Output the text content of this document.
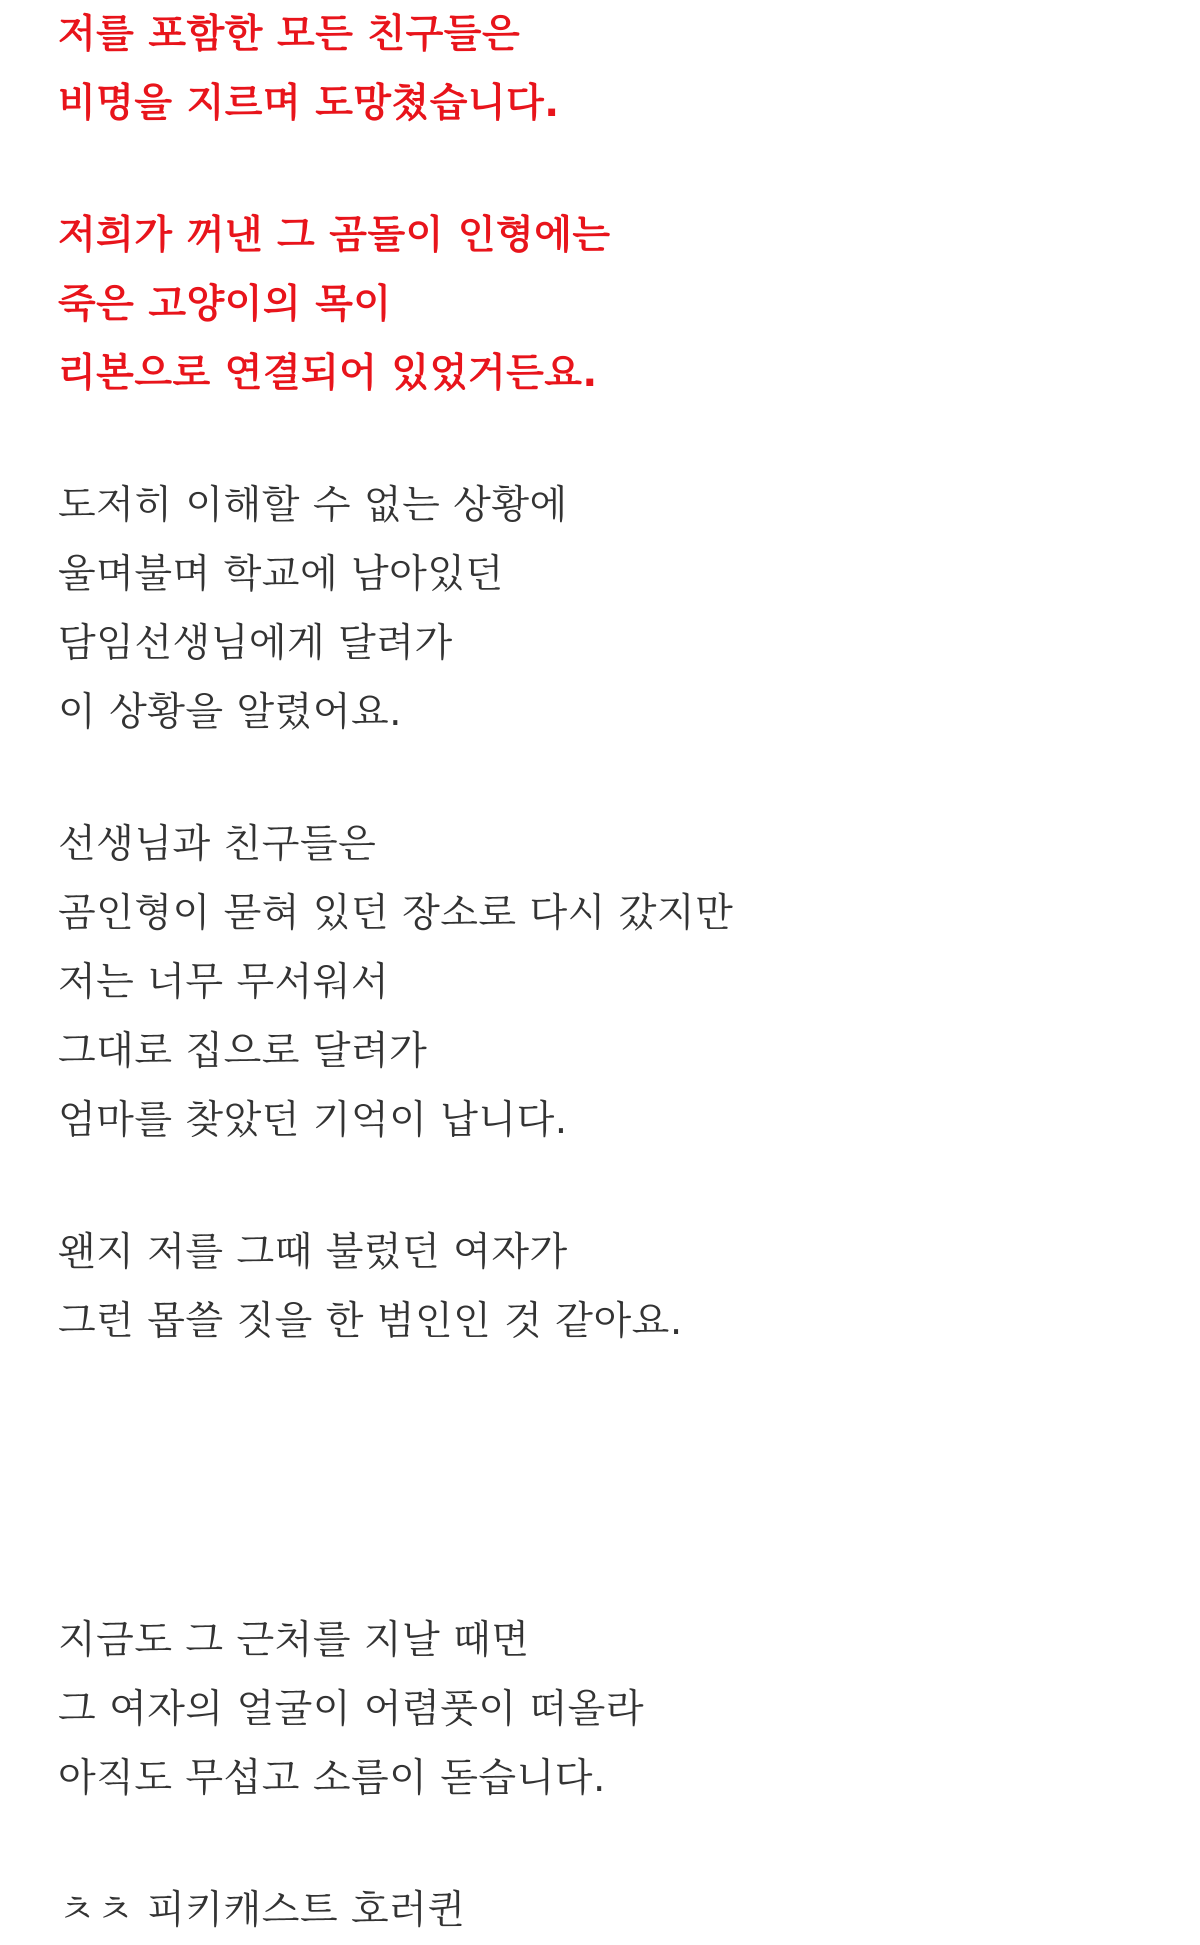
저를 포함한 모든 친구들은
비명을 지르며 도망쳤습니다.
저희가 꺼낸 그 곰돌이 인형에는
죽은 고양이의 목이
리본으로 연결되어 있었거든요.
도저히 이해할 수 없는 상황에
울며불며 학교에 남아있던
담임선생님에게 달려가
이 상황을 알렸어요.
선생님과 친구들은
곰인형이 묻혀 있던 장소로 다시 갔지만
저는 너무 무서워서
그대로 집으로 달려가
엄마를 찾았던 기억이 납니다.
왠지 저를 그때 불렀던 여자가
그런 몹쓸 짓을 한 범인인 것 같아요.
지금도 그 근처를 지날 때면
그 여자의 얼굴이 어렴풋이 떠올라
아직도 무섭고 소름이 돋습니다.
ㅊㅊ 피키캐스트 호러퀸
